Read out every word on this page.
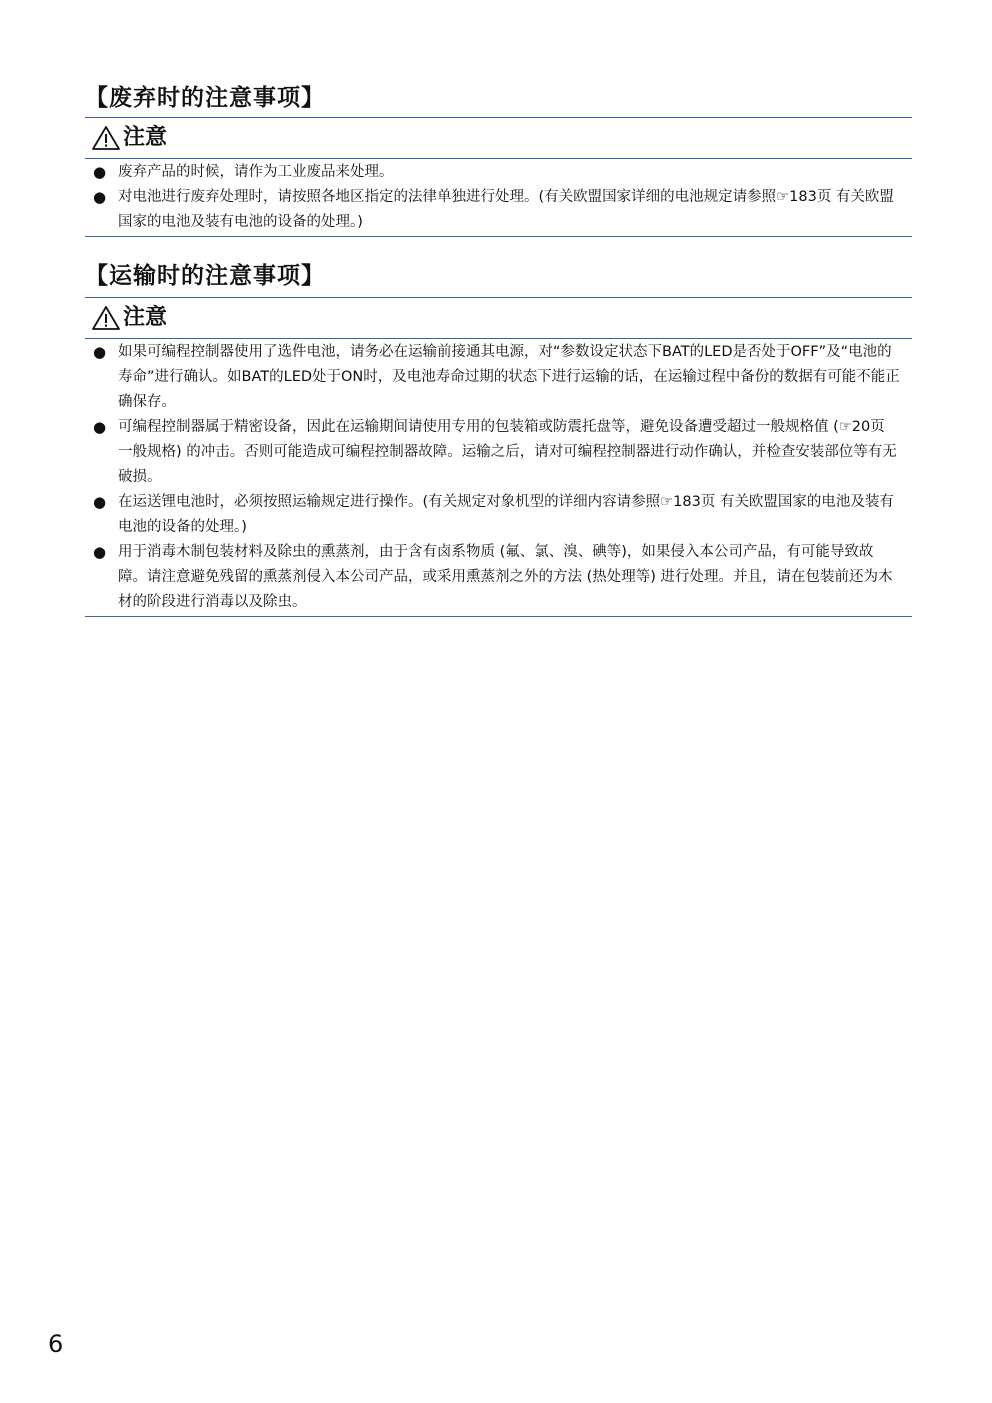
【废弃时的注意事项】
注意
● 废弃产品的时候，请作为工业废品来处理。
● 对电池进行废弃处理时，请按照各地区指定的法律单独进行处理。(有关欧盟国家详细的电池规定请参照☞183页 有关欧盟国家的电池及装有电池的设备的处理。)
【运输时的注意事项】
注意
● 如果可编程控制器使用了选件电池，请务必在运输前接通其电源，对“参数设定状态下BAT的LED是否处于OFF”及“电池的寿命”进行确认。如BAT的LED处于ON时，及电池寿命过期的状态下进行运输的话，在运输过程中备份的数据有可能不能正确保存。
● 可编程控制器属于精密设备，因此在运输期间请使用专用的包装箱或防震托盘等，避免设备遭受超过一般规格值 (☞20页 一般规格) 的冲击。否则可能造成可编程控制器故障。运输之后，请对可编程控制器进行动作确认，并检查安装部位等有无破损。
● 在运送锂电池时，必须按照运输规定进行操作。(有关规定对象机型的详细内容请参照☞183页 有关欧盟国家的电池及装有电池的设备的处理。)
● 用于消毒木制包装材料及除虫的熏蒸剂，由于含有卤系物质 (氟、氯、溴、碘等)，如果侵入本公司产品，有可能导致故障。请注意避免残留的熏蒸剂侵入本公司产品，或采用熏蒸剂之外的方法 (热处理等) 进行处理。并且，请在包装前还为木材的阶段进行消毒以及除虫。
6
